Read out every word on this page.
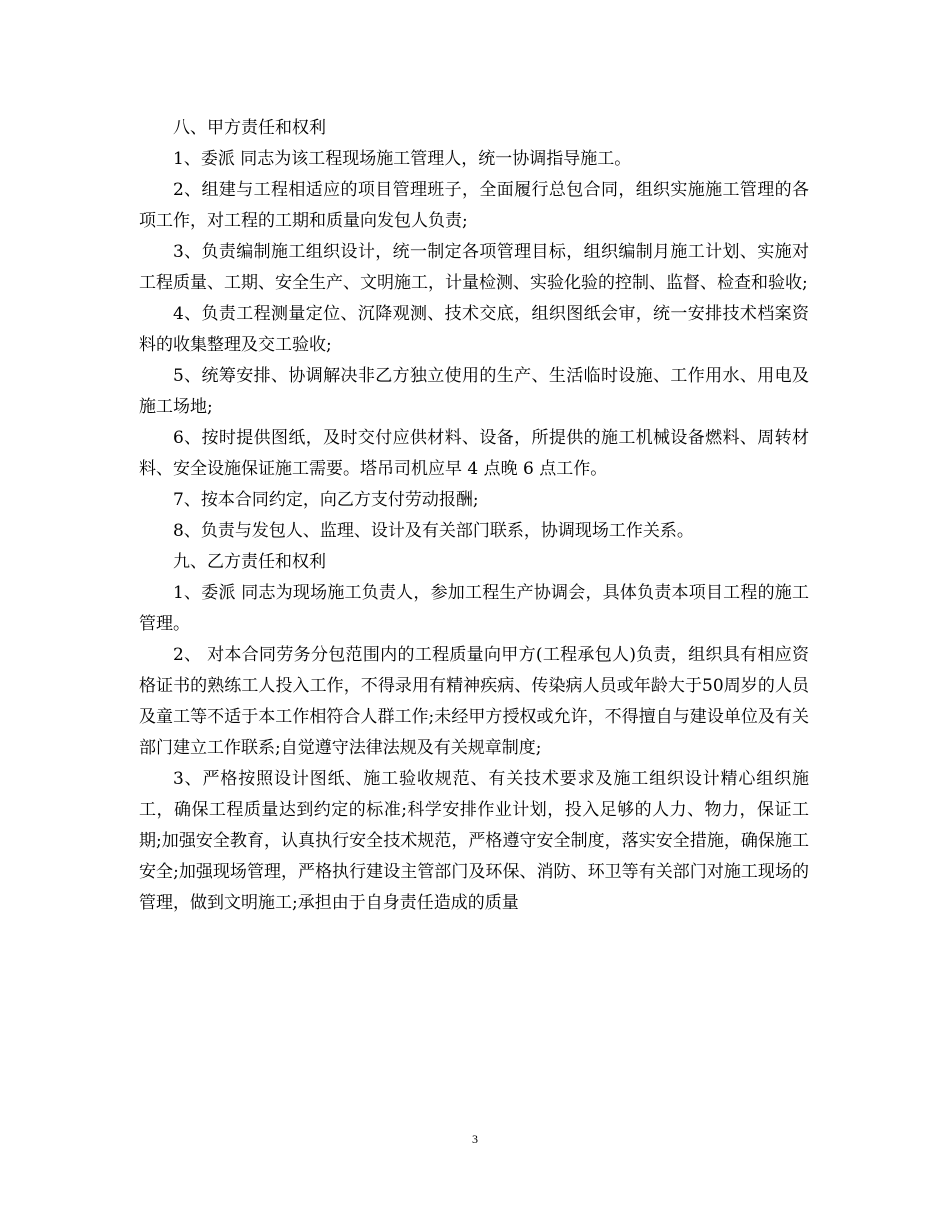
八、甲方责任和权利

1、委派 同志为该工程现场施工管理人，统一协调指导施工。

2、组建与工程相适应的项目管理班子，全面履行总包合同，组织实施施工管理的各项工作，对工程的工期和质量向发包人负责;

3、负责编制施工组织设计，统一制定各项管理目标，组织编制月施工计划、实施对工程质量、工期、安全生产、文明施工，计量检测、实验化验的控制、监督、检查和验收;

4、负责工程测量定位、沉降观测、技术交底，组织图纸会审，统一安排技术档案资料的收集整理及交工验收;

5、统筹安排、协调解决非乙方独立使用的生产、生活临时设施、工作用水、用电及施工场地;

6、按时提供图纸，及时交付应供材料、设备，所提供的施工机械设备燃料、周转材料、安全设施保证施工需要。塔吊司机应早 4 点晚 6 点工作。

7、按本合同约定，向乙方支付劳动报酬;

8、负责与发包人、监理、设计及有关部门联系，协调现场工作关系。

九、乙方责任和权利

1、委派 同志为现场施工负责人，参加工程生产协调会，具体负责本项目工程的施工管理。

2、 对本合同劳务分包范围内的工程质量向甲方(工程承包人)负责，组织具有相应资格证书的熟练工人投入工作，不得录用有精神疾病、传染病人员或年龄大于50周岁的人员及童工等不适于本工作相符合人群工作;未经甲方授权或允许，不得擅自与建设单位及有关部门建立工作联系;自觉遵守法律法规及有关规章制度;

3、严格按照设计图纸、施工验收规范、有关技术要求及施工组织设计精心组织施工，确保工程质量达到约定的标准;科学安排作业计划，投入足够的人力、物力，保证工期;加强安全教育，认真执行安全技术规范，严格遵守安全制度，落实安全措施，确保施工安全;加强现场管理，严格执行建设主管部门及环保、消防、环卫等有关部门对施工现场的管理，做到文明施工;承担由于自身责任造成的质量

3
